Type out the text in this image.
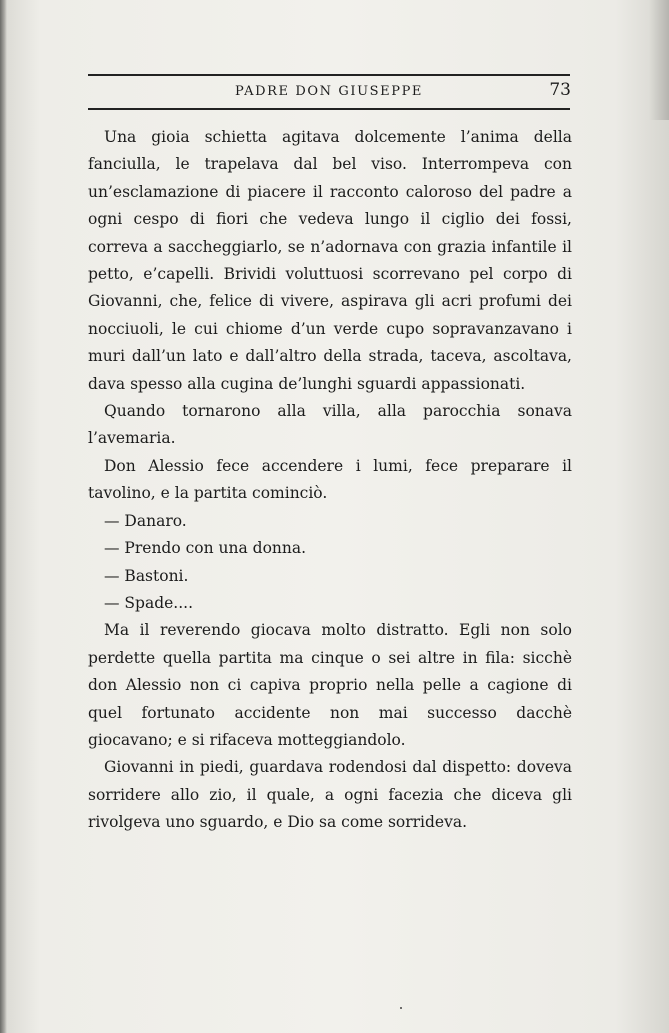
PADRE DON GIUSEPPE	73

Una gioia schietta agitava dolcemente l’anima della fanciulla, le trapelava dal bel viso. Interrompeva con un’esclamazione di piacere il racconto caloroso del padre a ogni cespo di fiori che vedeva lungo il ciglio dei fossi, correva a saccheggiarlo, se n’adornava con grazia infantile il petto, e’capelli. Brividi voluttuosi scorrevano pel corpo di Giovanni, che, felice di vivere, aspirava gli acri profumi dei nocciuoli, le cui chiome d’un verde cupo sopravanzavano i muri dall’un lato e dall’altro della strada, taceva, ascoltava, dava spesso alla cugina de’lunghi sguardi appassionati.

Quando tornarono alla villa, alla parocchia sonava l’avemaria.

Don Alessio fece accendere i lumi, fece preparare il tavolino, e la partita cominciò.

— Danaro.

— Prendo con una donna.

— Bastoni.

— Spade....

Ma il reverendo giocava molto distratto. Egli non solo perdette quella partita ma cinque o sei altre in fila: sicchè don Alessio non ci capiva proprio nella pelle a cagione di quel fortunato accidente non mai successo dacchè giocavano; e si rifaceva motteggiandolo.

Giovanni in piedi, guardava rodendosi dal dispetto: doveva sorridere allo zio, il quale, a ogni facezia che diceva gli rivolgeva uno sguardo, e Dio sa come sorrideva.
